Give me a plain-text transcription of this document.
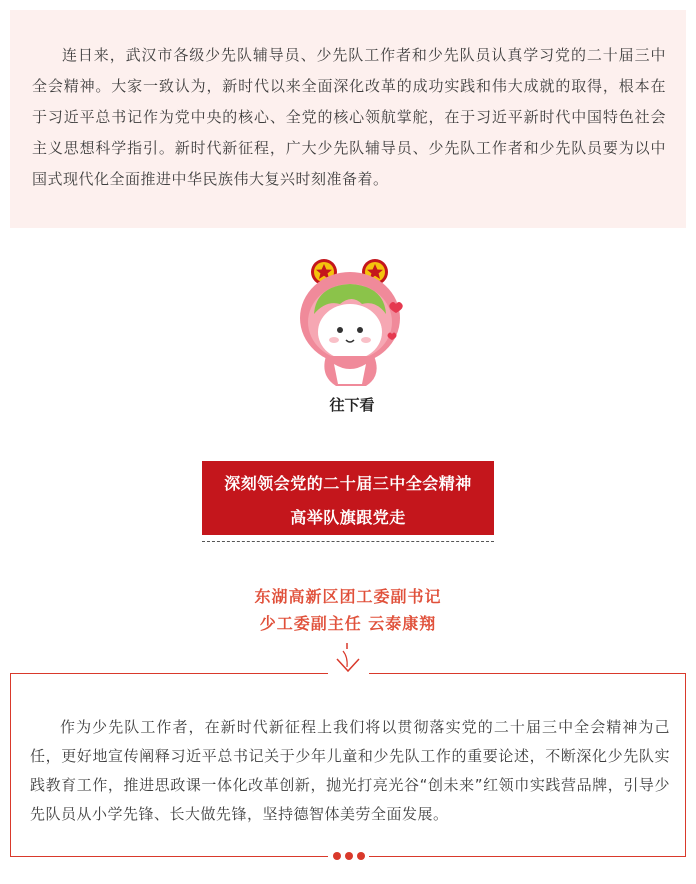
连日来，武汉市各级少先队辅导员、少先队工作者和少先队员认真学习党的二十届三中全会精神。大家一致认为，新时代以来全面深化改革的成功实践和伟大成就的取得，根本在于习近平总书记作为党中央的核心、全党的核心领航掌舵，在于习近平新时代中国特色社会主义思想科学指引。新时代新征程，广大少先队辅导员、少先队工作者和少先队员要为以中国式现代化全面推进中华民族伟大复兴时刻准备着。

往下看
深刻领会党的二十届三中全会精神
高举队旗跟党走
东湖高新区团工委副书记
少工委副主任 云泰康翔

作为少先队工作者，在新时代新征程上我们将以贯彻落实党的二十届三中全会精神为己任，更好地宣传阐释习近平总书记关于少年儿童和少先队工作的重要论述，不断深化少先队实践教育工作，推进思政课一体化改革创新，抛光打亮光谷“创未来”红领巾实践营品牌，引导少先队员从小学先锋、长大做先锋，坚持德智体美劳全面发展。
